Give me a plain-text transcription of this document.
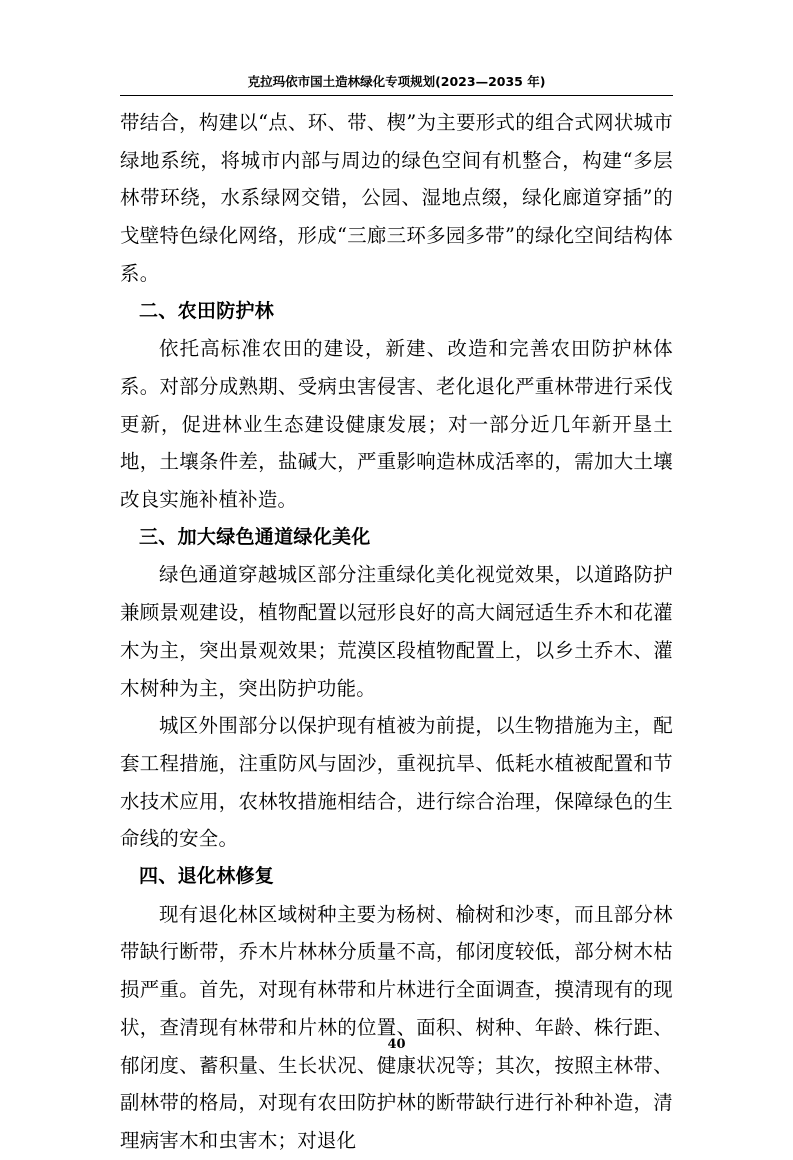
克拉玛依市国土造林绿化专项规划(2023—2035 年)

带结合，构建以“点、环、带、楔”为主要形式的组合式网状城市绿地系统，将城市内部与周边的绿色空间有机整合，构建“多层林带环绕，水系绿网交错，公园、湿地点缀，绿化廊道穿插”的戈壁特色绿化网络，形成“三廊三环多园多带”的绿化空间结构体系。

二、农田防护林

依托高标准农田的建设，新建、改造和完善农田防护林体系。对部分成熟期、受病虫害侵害、老化退化严重林带进行采伐更新，促进林业生态建设健康发展；对一部分近几年新开垦土地，土壤条件差，盐碱大，严重影响造林成活率的，需加大土壤改良实施补植补造。

三、加大绿色通道绿化美化

绿色通道穿越城区部分注重绿化美化视觉效果，以道路防护兼顾景观建设，植物配置以冠形良好的高大阔冠适生乔木和花灌木为主，突出景观效果；荒漠区段植物配置上，以乡土乔木、灌木树种为主，突出防护功能。

城区外围部分以保护现有植被为前提，以生物措施为主，配套工程措施，注重防风与固沙，重视抗旱、低耗水植被配置和节水技术应用，农林牧措施相结合，进行综合治理，保障绿色的生命线的安全。

四、退化林修复

现有退化林区域树种主要为杨树、榆树和沙枣，而且部分林带缺行断带，乔木片林林分质量不高，郁闭度较低，部分树木枯损严重。首先，对现有林带和片林进行全面调查，摸清现有的现状，查清现有林带和片林的位置、面积、树种、年龄、株行距、郁闭度、蓄积量、生长状况、健康状况等；其次，按照主林带、副林带的格局，对现有农田防护林的断带缺行进行补种补造，清理病害木和虫害木；对退化

40
